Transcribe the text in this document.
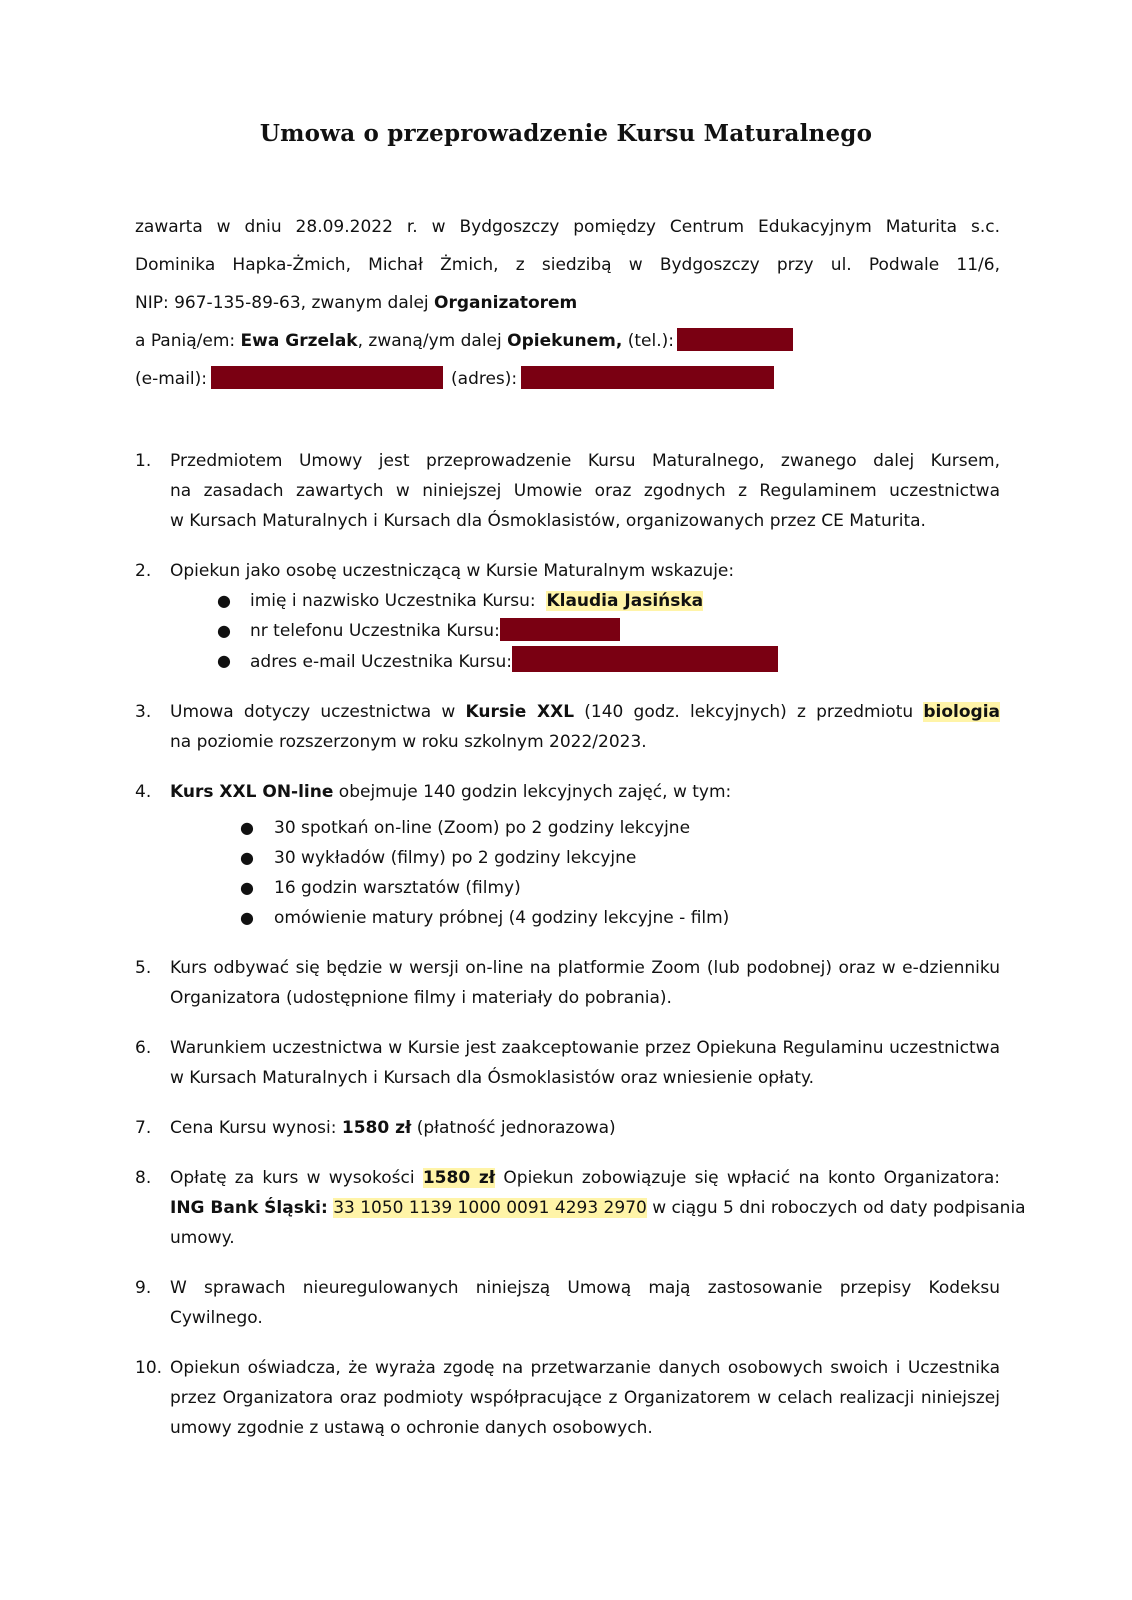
Umowa o przeprowadzenie Kursu Maturalnego
zawarta w dniu 28.09.2022 r. w Bydgoszczy pomiędzy Centrum Edukacyjnym Maturita s.c.
Dominika Hapka-Żmich, Michał Żmich, z siedzibą w Bydgoszczy przy ul. Podwale 11/6,
NIP: 967-135-89-63, zwanym dalej Organizatorem
a Panią/em: Ewa Grzelak, zwaną/ym dalej Opiekunem, (tel.):
(e-mail):	(adres):
1. Przedmiotem Umowy jest przeprowadzenie Kursu Maturalnego, zwanego dalej Kursem,
na zasadach zawartych w niniejszej Umowie oraz zgodnych z Regulaminem uczestnictwa
w Kursach Maturalnych i Kursach dla Ósmoklasistów, organizowanych przez CE Maturita.
2. Opiekun jako osobę uczestniczącą w Kursie Maturalnym wskazuje:
● imię i nazwisko Uczestnika Kursu: Klaudia Jasińska
● nr telefonu Uczestnika Kursu:
● adres e-mail Uczestnika Kursu:
3. Umowa dotyczy uczestnictwa w Kursie XXL (140 godz. lekcyjnych) z przedmiotu biologia
na poziomie rozszerzonym w roku szkolnym 2022/2023.
4. Kurs XXL ON-line obejmuje 140 godzin lekcyjnych zajęć, w tym:
● 30 spotkań on-line (Zoom) po 2 godziny lekcyjne
● 30 wykładów (filmy) po 2 godziny lekcyjne
● 16 godzin warsztatów (filmy)
● omówienie matury próbnej (4 godziny lekcyjne - film)
5. Kurs odbywać się będzie w wersji on-line na platformie Zoom (lub podobnej) oraz w e-dzienniku
Organizatora (udostępnione filmy i materiały do pobrania).
6. Warunkiem uczestnictwa w Kursie jest zaakceptowanie przez Opiekuna Regulaminu uczestnictwa
w Kursach Maturalnych i Kursach dla Ósmoklasistów oraz wniesienie opłaty.
7. Cena Kursu wynosi: 1580 zł (płatność jednorazowa)
8. Opłatę za kurs w wysokości 1580 zł Opiekun zobowiązuje się wpłacić na konto Organizatora:
ING Bank Śląski: 33 1050 1139 1000 0091 4293 2970 w ciągu 5 dni roboczych od daty podpisania
umowy.
9. W sprawach nieuregulowanych niniejszą Umową mają zastosowanie przepisy Kodeksu
Cywilnego.
10. Opiekun oświadcza, że wyraża zgodę na przetwarzanie danych osobowych swoich i Uczestnika
przez Organizatora oraz podmioty współpracujące z Organizatorem w celach realizacji niniejszej
umowy zgodnie z ustawą o ochronie danych osobowych.
